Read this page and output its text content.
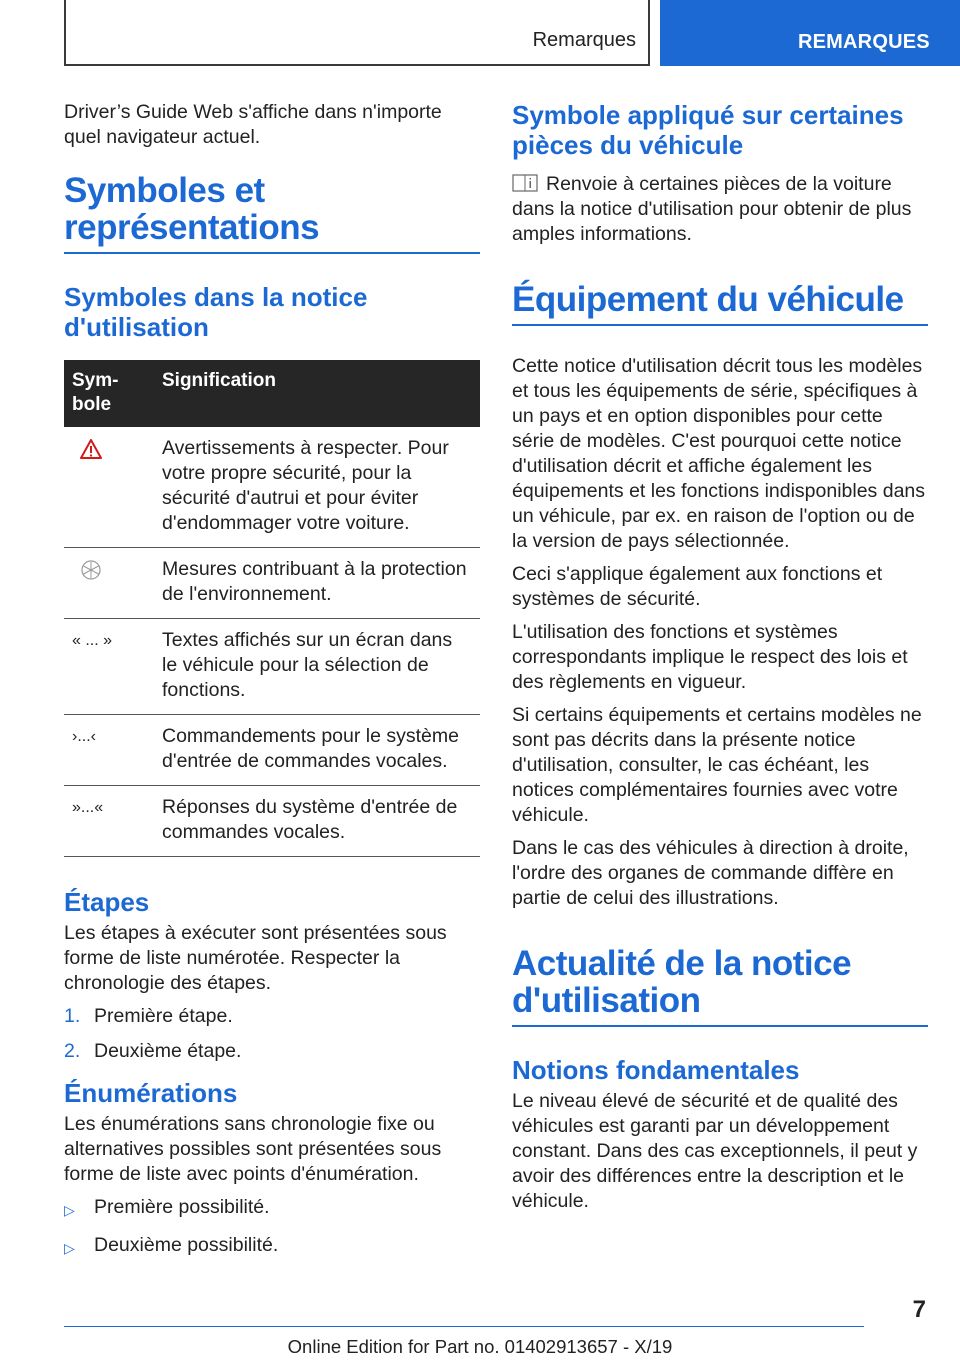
Remarques	REMARQUES

Driver’s Guide Web s'affiche dans n'importe quel navigateur actuel.

Symboles et représentations
Symboles dans la notice d'utilisation
Sym-
bole	Signification
	Avertissements à respecter. Pour votre propre sécurité, pour la sécurité d'autrui et pour éviter d'endommager votre voiture.
	Mesures contribuant à la protection de l'environnement.
« ... »	Textes affichés sur un écran dans le véhicule pour la sélection de fonctions.
›...‹	Commandements pour le système d'entrée de commandes vocales.
»...«	Réponses du système d'entrée de commandes vocales.
Étapes

Les étapes à exécuter sont présentées sous forme de liste numérotée. Respecter la chronologie des étapes.

1. Première étape.
2. Deuxième étape.
Énumérations

Les énumérations sans chronologie fixe ou alternatives possibles sont présentées sous forme de liste avec points d'énumération.

▷ Première possibilité.
▷ Deuxième possibilité.
Symbole appliqué sur certaines pièces du véhicule

Renvoie à certaines pièces de la voiture dans la notice d'utilisation pour obtenir de plus amples informations.

Équipement du véhicule

Cette notice d'utilisation décrit tous les modèles et tous les équipements de série, spécifiques à un pays et en option disponibles pour cette série de modèles. C'est pourquoi cette notice d'utilisation décrit et affiche également les équipements et les fonctions indisponibles dans un véhicule, par ex. en raison de l'option ou de la version de pays sélectionnée.

Ceci s'applique également aux fonctions et systèmes de sécurité.

L'utilisation des fonctions et systèmes correspondants implique le respect des lois et des règlements en vigueur.

Si certains équipements et certains modèles ne sont pas décrits dans la présente notice d'utilisation, consulter, le cas échéant, les notices complémentaires fournies avec votre véhicule.

Dans le cas des véhicules à direction à droite, l'ordre des organes de commande diffère en partie de celui des illustrations.

Actualité de la notice d'utilisation
Notions fondamentales

Le niveau élevé de sécurité et de qualité des véhicules est garanti par un développement constant. Dans des cas exceptionnels, il peut y avoir des différences entre la description et le véhicule.

7
Online Edition for Part no. 01402913657 - X/19
